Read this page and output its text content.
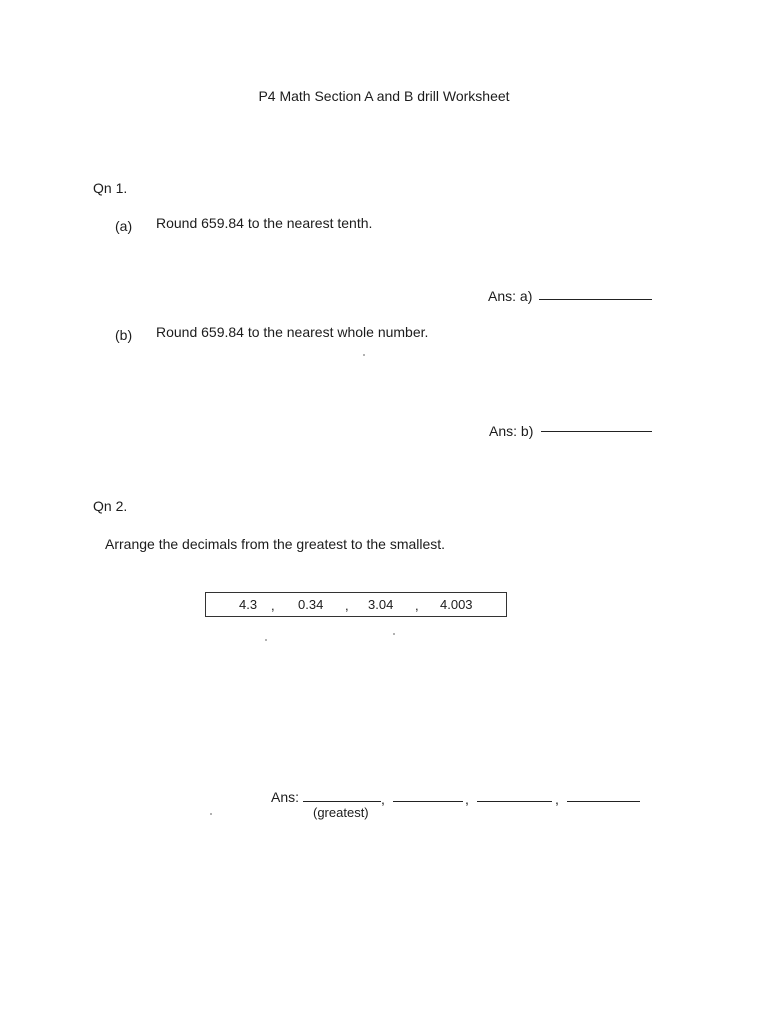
P4 Math Section A and B drill Worksheet
Qn 1.
(a) Round 659.84 to the nearest tenth.
Ans: a)
(b) Round 659.84 to the nearest whole number.
Ans: b)
Qn 2.
Arrange the decimals from the greatest to the smallest.
4.3 , 0.34 , 3.04 , 4.003
Ans:	,	,	,
(greatest)
